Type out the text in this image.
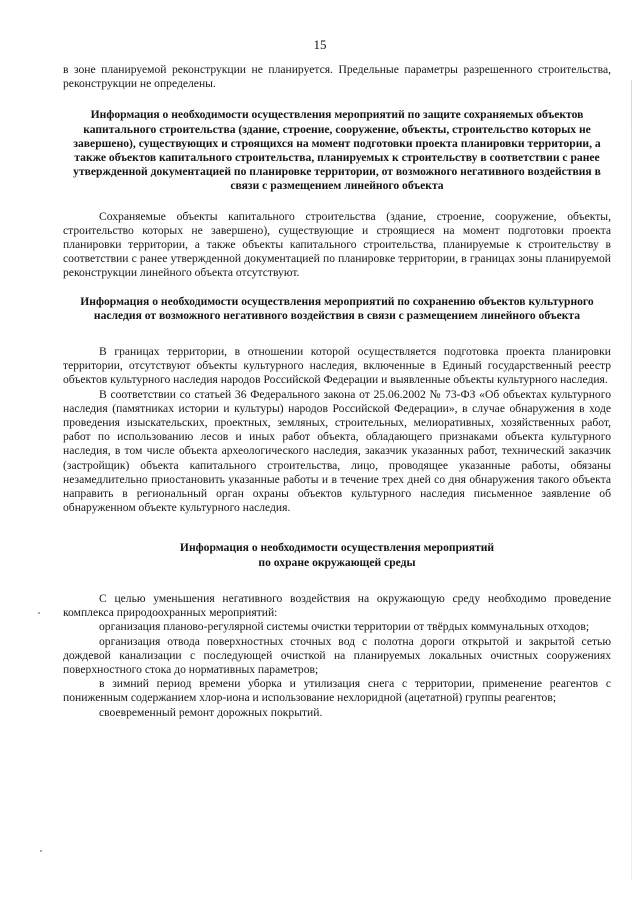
15

в зоне планируемой реконструкции не планируется. Предельные параметры разрешенного строительства, реконструкции не определены.

Информация о необходимости осуществления мероприятий по защите сохраняемых объектов капитального строительства (здание, строение, сооружение, объекты, строительство которых не завершено), существующих и строящихся на момент подготовки проекта планировки территории, а также объектов капитального строительства, планируемых к строительству в соответствии с ранее утвержденной документацией по планировке территории, от возможного негативного воздействия в связи с размещением линейного объекта

Сохраняемые объекты капитального строительства (здание, строение, сооружение, объекты, строительство которых не завершено), существующие и строящиеся на момент подготовки проекта планировки территории, а также объекты капитального строительства, планируемые к строительству в соответствии с ранее утвержденной документацией по планировке территории, в границах зоны планируемой реконструкции линейного объекта отсутствуют.

Информация о необходимости осуществления мероприятий по сохранению объектов культурного наследия от возможного негативного воздействия в связи с размещением линейного объекта

В границах территории, в отношении которой осуществляется подготовка проекта планировки территории, отсутствуют объекты культурного наследия, включенные в Единый государственный реестр объектов культурного наследия народов Российской Федерации и выявленные объекты культурного наследия.

В соответствии со статьей 36 Федерального закона от 25.06.2002 № 73-ФЗ «Об объектах культурного наследия (памятниках истории и культуры) народов Российской Федерации», в случае обнаружения в ходе проведения изыскательских, проектных, земляных, строительных, мелиоративных, хозяйственных работ, работ по использованию лесов и иных работ объекта, обладающего признаками объекта культурного наследия, в том числе объекта археологического наследия, заказчик указанных работ, технический заказчик (застройщик) объекта капитального строительства, лицо, проводящее указанные работы, обязаны незамедлительно приостановить указанные работы и в течение трех дней со дня обнаружения такого объекта направить в региональный орган охраны объектов культурного наследия письменное заявление об обнаруженном объекте культурного наследия.

Информация о необходимости осуществления мероприятий по охране окружающей среды

С целью уменьшения негативного воздействия на окружающую среду необходимо проведение комплекса природоохранных мероприятий:

организация планово-регулярной системы очистки территории от твёрдых коммунальных отходов;

организация отвода поверхностных сточных вод с полотна дороги открытой и закрытой сетью дождевой канализации с последующей очисткой на планируемых локальных очистных сооружениях поверхностного стока до нормативных параметров;

в зимний период времени уборка и утилизация снега с территории, применение реагентов с пониженным содержанием хлор-иона и использование нехлоридной (ацетатной) группы реагентов;

своевременный ремонт дорожных покрытий.
